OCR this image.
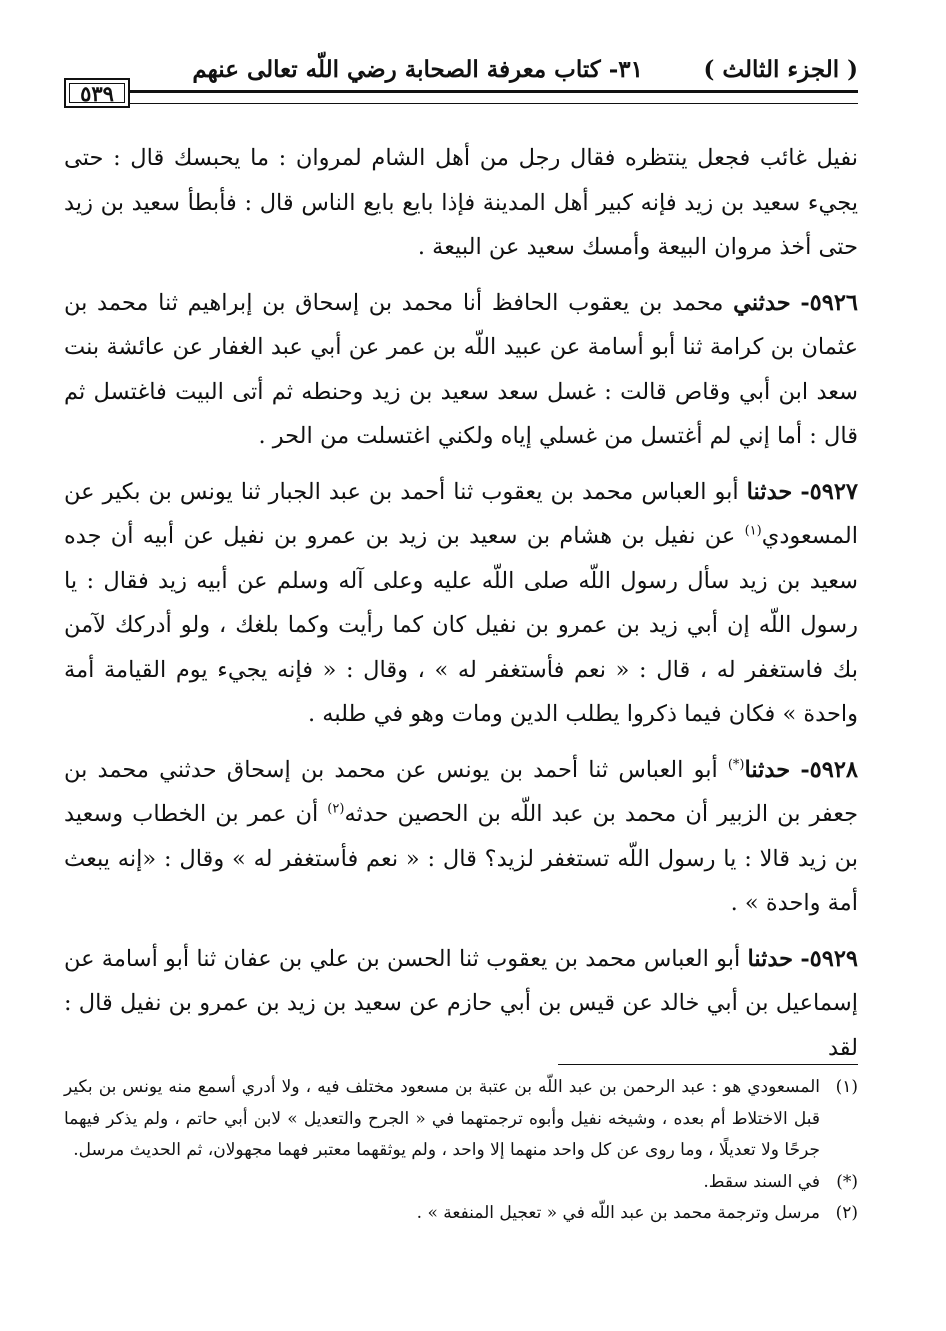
( الجزء الثالث )
٣١- كتاب معرفة الصحابة رضي اللّه تعالى عنهم
٥٣٩

نفيل غائب فجعل ينتظره فقال رجل من أهل الشام لمروان : ما يحبسك قال : حتى يجيء سعيد بن زيد فإنه كبير أهل المدينة فإذا بايع بايع الناس قال : فأبطأ سعيد بن زيد حتى أخذ مروان البيعة وأمسك سعيد عن البيعة .

٥٩٢٦- حدثني محمد بن يعقوب الحافظ أنا محمد بن إسحاق بن إبراهيم ثنا محمد بن عثمان بن كرامة ثنا أبو أسامة عن عبيد اللّه بن عمر عن أبي عبد الغفار عن عائشة بنت سعد ابن أبي وقاص قالت : غسل سعد سعيد بن زيد وحنطه ثم أتى البيت فاغتسل ثم قال : أما إني لم أغتسل من غسلي إياه ولكني اغتسلت من الحر .

٥٩٢٧- حدثنا أبو العباس محمد بن يعقوب ثنا أحمد بن عبد الجبار ثنا يونس بن بكير عن المسعودي$^{(١)}$ عن نفيل بن هشام بن سعيد بن زيد بن عمرو بن نفيل عن أبيه أن جده سعيد بن زيد سأل رسول اللّه صلى اللّه عليه وعلى آله وسلم عن أبيه زيد فقال : يا رسول اللّه إن أبي زيد بن عمرو بن نفيل كان كما رأيت وكما بلغك ، ولو أدركك لآمن بك فاستغفر له ، قال : « نعم فأستغفر له » ، وقال : « فإنه يجيء يوم القيامة أمة واحدة » فكان فيما ذكروا يطلب الدين ومات وهو في طلبه .

٥٩٢٨- حدثنا(*) أبو العباس ثنا أحمد بن يونس عن محمد بن إسحاق حدثني محمد بن جعفر بن الزبير أن محمد بن عبد اللّه بن الحصين حدثه$^{(٢)}$ أن عمر بن الخطاب وسعيد بن زيد قالا : يا رسول اللّه تستغفر لزيد؟ قال : « نعم فأستغفر له » وقال : «إنه يبعث أمة واحدة » .

٥٩٢٩- حدثنا أبو العباس محمد بن يعقوب ثنا الحسن بن علي بن عفان ثنا أبو أسامة عن إسماعيل بن أبي خالد عن قيس بن أبي حازم عن سعيد بن زيد بن عمرو بن نفيل قال : لقد

(١)
المسعودي هو : عبد الرحمن بن عبد اللّه بن عتبة بن مسعود مختلف فيه ، ولا أدري أسمع منه يونس بن بكير قبل الاختلاط أم بعده ، وشيخه نفيل وأبوه ترجمتهما في « الجرح والتعديل » لابن أبي حاتم ، ولم يذكر فيهما جرحًا ولا تعديلًا ، وما روى عن كل واحد منهما إلا واحد ، ولم يوثقهما معتبر فهما مجهولان، ثم الحديث مرسل.
(*)
في السند سقط.
(٢)
مرسل وترجمة محمد بن عبد اللّه في « تعجيل المنفعة » .
